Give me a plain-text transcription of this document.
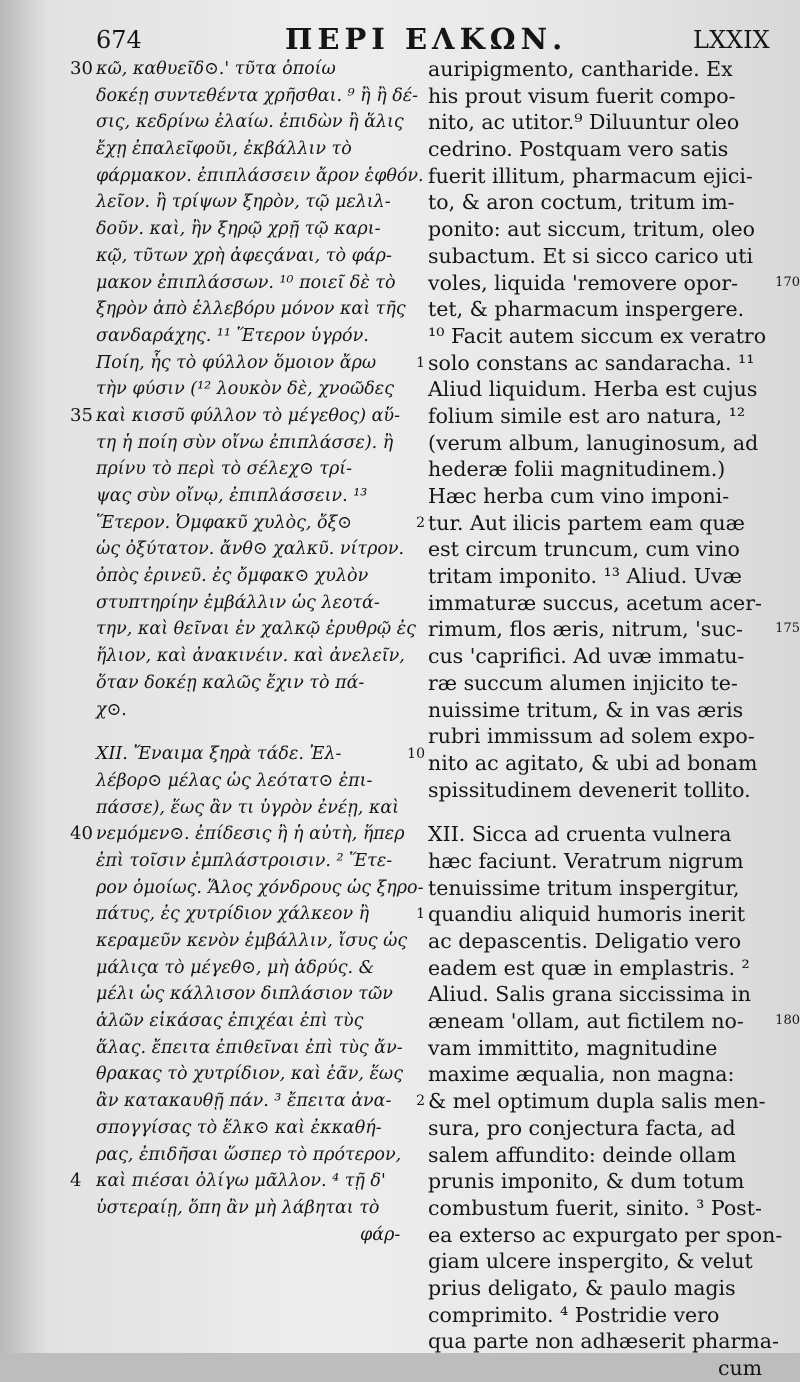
674	ΠΕΡΙ ΕΛΚΩΝ.	LXXIX
30 κῶ, καθυεῖδ⊙.' τῦτα ὁποίω
δοκέῃ συντεθέντα χρῆσθαι. ⁹ ἢ ἢ δέ-
σις, κεδρίνω ἐλαίω. ἐπιδὼν ἢ ἅλις
ἔχῃ ἐπαλεῖφοῦι, ἐκβάλλιν τὸ
φάρμακον. ἐπιπλάσσειν ἄρον ἑφθόν.
λεῖον. ἢ τρίψων ξηρὸν, τῷ μελιλ-
δοῦν. καὶ, ἢν ξηρῷ χρῇ τῷ καρι-
κῷ, τῦτων χρὴ ἀφεςάναι, τὸ φάρ-
μακον ἐπιπλάσσων. ¹⁰ ποιεῖ δὲ τὸ
ξηρὸν ἀπὸ ἐλλεβόρυ μόνον καὶ τῆς
σανδαράχης. ¹¹ Ἕτερον ὑγρόν.
Ποίη, ἧς τὸ φύλλον ὅμοιον ἄρω	1
τὴν φύσιν (¹² λουκὸν δὲ, χνοῶδες
35 καὶ κισσῦ φύλλον τὸ μέγεθος) αὕ-
τη ἡ ποίη σὺν οἴνω ἐπιπλάσσε). ἢ
πρίνυ τὸ περὶ τὸ σέλεχ⊙ τρί-
ψας σὺν οἴνῳ, ἐπιπλάσσειν. ¹³
Ἕτερον. Ὀμφακῦ χυλὸς, ὄξ⊙	2
ὡς ὀξύτατον. ἄνθ⊙ χαλκῦ. νίτρον.
ὀπὸς ἐρινεῦ. ἐς ὄμφακ⊙ χυλὸν
στυπτηρίην ἐμβάλλιν ὡς λεοτά-
την, καὶ θεῖναι ἐν χαλκῷ ἐρυθρῷ ἐς
ἥλιον, καὶ ἀνακινέιν. καὶ ἀνελεῖν,
ὅταν δοκέῃ καλῶς ἔχιν τὸ πά-
χ⊙.
XII. Ἔναιμα ξηρὰ τάδε. Ἐλ-	10
λέβορ⊙ μέλας ὡς λεότατ⊙ ἐπι-
πάσσε), ἕως ἂν τι ὑγρὸν ἐνέῃ, καὶ
40 νεμόμεν⊙. ἐπίδεσις ἢ ἡ αὐτὴ, ἥπερ
ἐπὶ τοῖσιν ἐμπλάστροισιν. ² Ἕτε-
ρον ὁμοίως. Ἅλος χόνδρους ὡς ξηρο-
πάτυς, ἐς χυτρίδιον χάλκεον ἢ	1
κεραμεῦν κενὸν ἐμβάλλιν, ἴσυς ὡς
μάλιςα τὸ μέγεθ⊙, μὴ ἁδρύς. &
μέλι ὡς κάλλισον διπλάσιον τῶν
ἁλῶν εἰκάσας ἐπιχέαι ἐπὶ τὺς
ἅλας. ἔπειτα ἐπιθεῖναι ἐπὶ τὺς ἄν-
θρακας τὸ χυτρίδιον, καὶ ἐᾶν, ἕως
ἂν κατακαυθῇ πάν. ³ ἔπειτα ἀνα- 2
σπογγίσας τὸ ἕλκ⊙ καὶ ἐκκαθή-
ρας, ἐπιδῆσαι ὥσπερ τὸ πρότερον,
4 καὶ πιέσαι ὀλίγω μᾶλλον. ⁴ τῇ δ'
ὑστεραίῃ, ὅπη ἂν μὴ λάβηται τὸ
φάρ-
auripigmento, cantharide. Ex
his prout visum fuerit compo-
nito, ac utitor.⁹ Diluuntur oleo
cedrino. Postquam vero satis
fuerit illitum, pharmacum ejici-
to, & aron coctum, tritum im-
ponito: aut siccum, tritum, oleo
subactum. Et si sicco carico uti
voles, liquida 'removere opor-	170
tet, & pharmacum inspergere.
¹⁰ Facit autem siccum ex veratro
solo constans ac sandaracha. ¹¹
Aliud liquidum. Herba est cujus
folium simile est aro natura, ¹²
(verum album, lanuginosum, ad
hederæ folii magnitudinem.)
Hæc herba cum vino imponi-
tur. Aut ilicis partem eam quæ
est circum truncum, cum vino
tritam imponito. ¹³ Aliud. Uvæ
immaturæ succus, acetum acer-
rimum, flos æris, nitrum, 'suc- 175
cus 'caprifici. Ad uvæ immatu-
ræ succum alumen injicito te-
nuissime tritum, & in vas æris
rubri immissum ad solem expo-
nito ac agitato, & ubi ad bonam
spissitudinem devenerit tollito.
XII. Sicca ad cruenta vulnera
hæc faciunt. Veratrum nigrum
tenuissime tritum inspergitur,
quandiu aliquid humoris inerit
ac depascentis. Deligatio vero
eadem est quæ in emplastris. ²
Aliud. Salis grana siccissima in
æneam 'ollam, aut fictilem no- 180
vam immittito, magnitudine
maxime æqualia, non magna:
& mel optimum dupla salis men-
sura, pro conjectura facta, ad
salem affundito: deinde ollam
prunis imponito, & dum totum
combustum fuerit, sinito. ³ Post-
ea exterso ac expurgato per spon-
giam ulcere inspergito, & velut
prius deligato, & paulo magis
comprimito. ⁴ Postridie vero
qua parte non adhæserit pharma-
cum
